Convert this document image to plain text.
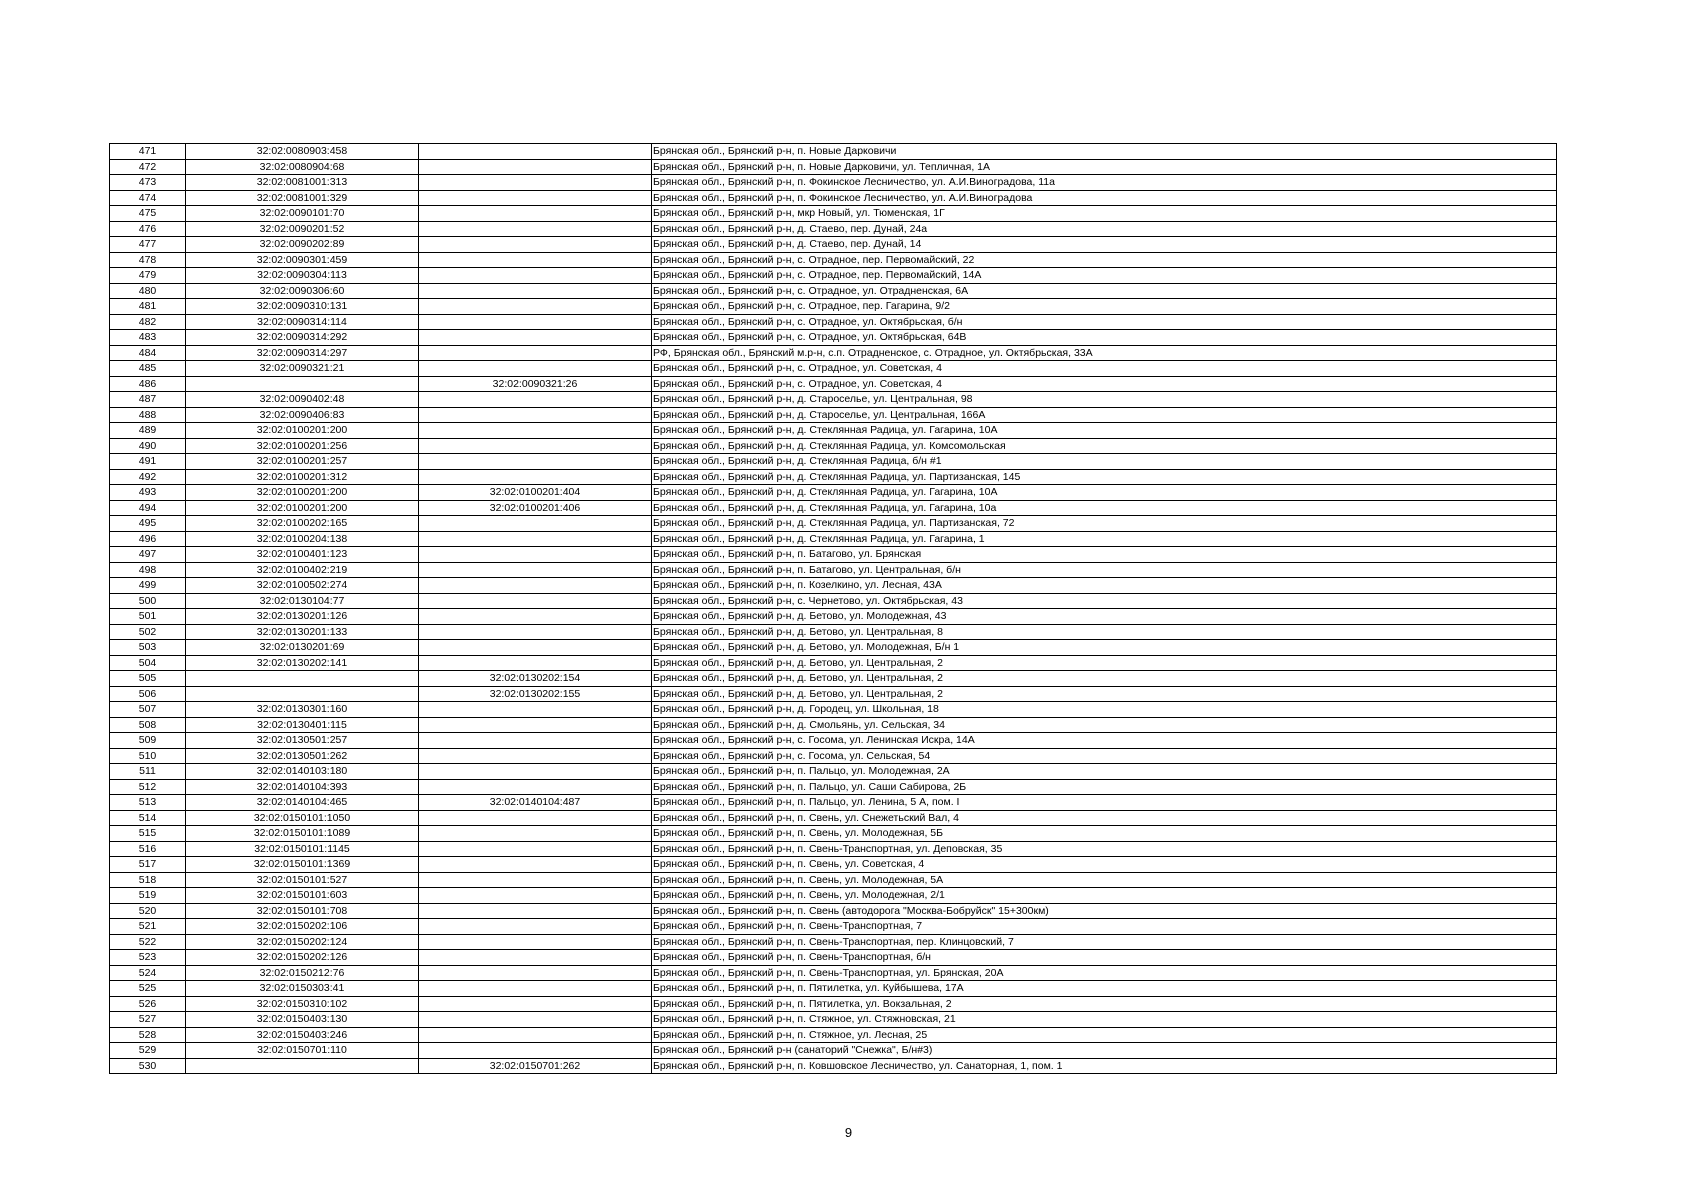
471	32:02:0080903:458		Брянская обл., Брянский р-н, п. Новые Дарковичи
472	32:02:0080904:68		Брянская обл., Брянский р-н, п. Новые Дарковичи, ул. Тепличная, 1А
473	32:02:0081001:313		Брянская обл., Брянский р-н, п. Фокинское Лесничество, ул. А.И.Виноградова, 11а
474	32:02:0081001:329		Брянская обл., Брянский р-н, п. Фокинское Лесничество, ул. А.И.Виноградова
475	32:02:0090101:70		Брянская обл., Брянский р-н, мкр Новый, ул. Тюменская, 1Г
476	32:02:0090201:52		Брянская обл., Брянский р-н, д. Стаево, пер. Дунай, 24а
477	32:02:0090202:89		Брянская обл., Брянский р-н, д. Стаево, пер. Дунай, 14
478	32:02:0090301:459		Брянская обл., Брянский р-н, с. Отрадное, пер. Первомайский, 22
479	32:02:0090304:113		Брянская обл., Брянский р-н, с. Отрадное, пер. Первомайский, 14А
480	32:02:0090306:60		Брянская обл., Брянский р-н, с. Отрадное, ул. Отрадненская, 6А
481	32:02:0090310:131		Брянская обл., Брянский р-н, с. Отрадное, пер. Гагарина, 9/2
482	32:02:0090314:114		Брянская обл., Брянский р-н, с. Отрадное, ул. Октябрьская, б/н
483	32:02:0090314:292		Брянская обл., Брянский р-н, с. Отрадное, ул. Октябрьская, 64В
484	32:02:0090314:297		РФ, Брянская обл., Брянский м.р-н, с.п. Отрадненское, с. Отрадное, ул. Октябрьская, 33А
485	32:02:0090321:21		Брянская обл., Брянский р-н, с. Отрадное, ул. Советская, 4
486		32:02:0090321:26	Брянская обл., Брянский р-н, с. Отрадное, ул. Советская, 4
487	32:02:0090402:48		Брянская обл., Брянский р-н, д. Староселье, ул. Центральная, 98
488	32:02:0090406:83		Брянская обл., Брянский р-н, д. Староселье, ул. Центральная, 166А
489	32:02:0100201:200		Брянская обл., Брянский р-н, д. Стеклянная Радица, ул. Гагарина, 10А
490	32:02:0100201:256		Брянская обл., Брянский р-н, д. Стеклянная Радица, ул. Комсомольская
491	32:02:0100201:257		Брянская обл., Брянский р-н, д. Стеклянная Радица, б/н #1
492	32:02:0100201:312		Брянская обл., Брянский р-н, д. Стеклянная Радица, ул. Партизанская, 145
493	32:02:0100201:200	32:02:0100201:404	Брянская обл., Брянский р-н, д. Стеклянная Радица, ул. Гагарина, 10А
494	32:02:0100201:200	32:02:0100201:406	Брянская обл., Брянский р-н, д. Стеклянная Радица, ул. Гагарина, 10а
495	32:02:0100202:165		Брянская обл., Брянский р-н, д. Стеклянная Радица, ул. Партизанская, 72
496	32:02:0100204:138		Брянская обл., Брянский р-н, д. Стеклянная Радица, ул. Гагарина, 1
497	32:02:0100401:123		Брянская обл., Брянский р-н, п. Батагово, ул. Брянская
498	32:02:0100402:219		Брянская обл., Брянский р-н, п. Батагово, ул. Центральная, б/н
499	32:02:0100502:274		Брянская обл., Брянский р-н, п. Козелкино, ул. Лесная, 43А
500	32:02:0130104:77		Брянская обл., Брянский р-н, с. Чернетово, ул. Октябрьская, 43
501	32:02:0130201:126		Брянская обл., Брянский р-н, д. Бетово, ул. Молодежная, 43
502	32:02:0130201:133		Брянская обл., Брянский р-н, д. Бетово, ул. Центральная, 8
503	32:02:0130201:69		Брянская обл., Брянский р-н, д. Бетово, ул. Молодежная, Б/н 1
504	32:02:0130202:141		Брянская обл., Брянский р-н, д. Бетово, ул. Центральная, 2
505		32:02:0130202:154	Брянская обл., Брянский р-н, д. Бетово, ул. Центральная, 2
506		32:02:0130202:155	Брянская обл., Брянский р-н, д. Бетово, ул. Центральная, 2
507	32:02:0130301:160		Брянская обл., Брянский р-н, д. Городец, ул. Школьная, 18
508	32:02:0130401:115		Брянская обл., Брянский р-н, д. Смольянь, ул. Сельская, 34
509	32:02:0130501:257		Брянская обл., Брянский р-н, с. Госома, ул. Ленинская Искра, 14А
510	32:02:0130501:262		Брянская обл., Брянский р-н, с. Госома, ул. Сельская, 54
511	32:02:0140103:180		Брянская обл., Брянский р-н, п. Пальцо, ул. Молодежная, 2А
512	32:02:0140104:393		Брянская обл., Брянский р-н, п. Пальцо, ул. Саши Сабирова, 2Б
513	32:02:0140104:465	32:02:0140104:487	Брянская обл., Брянский р-н, п. Пальцо, ул. Ленина, 5 А, пом. I
514	32:02:0150101:1050		Брянская обл., Брянский р-н, п. Свень, ул. Снежетьский Вал, 4
515	32:02:0150101:1089		Брянская обл., Брянский р-н, п. Свень, ул. Молодежная, 5Б
516	32:02:0150101:1145		Брянская обл., Брянский р-н, п. Свень-Транспортная, ул. Деповская, 35
517	32:02:0150101:1369		Брянская обл., Брянский р-н, п. Свень, ул. Советская, 4
518	32:02:0150101:527		Брянская обл., Брянский р-н, п. Свень, ул. Молодежная, 5А
519	32:02:0150101:603		Брянская обл., Брянский р-н, п. Свень, ул. Молодежная, 2/1
520	32:02:0150101:708		Брянская обл., Брянский р-н, п. Свень (автодорога "Москва-Бобруйск" 15+300км)
521	32:02:0150202:106		Брянская обл., Брянский р-н, п. Свень-Транспортная, 7
522	32:02:0150202:124		Брянская обл., Брянский р-н, п. Свень-Транспортная, пер. Клинцовский, 7
523	32:02:0150202:126		Брянская обл., Брянский р-н, п. Свень-Транспортная, б/н
524	32:02:0150212:76		Брянская обл., Брянский р-н, п. Свень-Транспортная, ул. Брянская, 20А
525	32:02:0150303:41		Брянская обл., Брянский р-н, п. Пятилетка, ул. Куйбышева, 17А
526	32:02:0150310:102		Брянская обл., Брянский р-н, п. Пятилетка, ул. Вокзальная, 2
527	32:02:0150403:130		Брянская обл., Брянский р-н, п. Стяжное, ул. Стяжновская, 21
528	32:02:0150403:246		Брянская обл., Брянский р-н, п. Стяжное, ул. Лесная, 25
529	32:02:0150701:110		Брянская обл., Брянский р-н (санаторий "Снежка", Б/н#3)
530		32:02:0150701:262	Брянская обл., Брянский р-н, п. Ковшовское Лесничество, ул. Санаторная, 1, пом. 1
9
